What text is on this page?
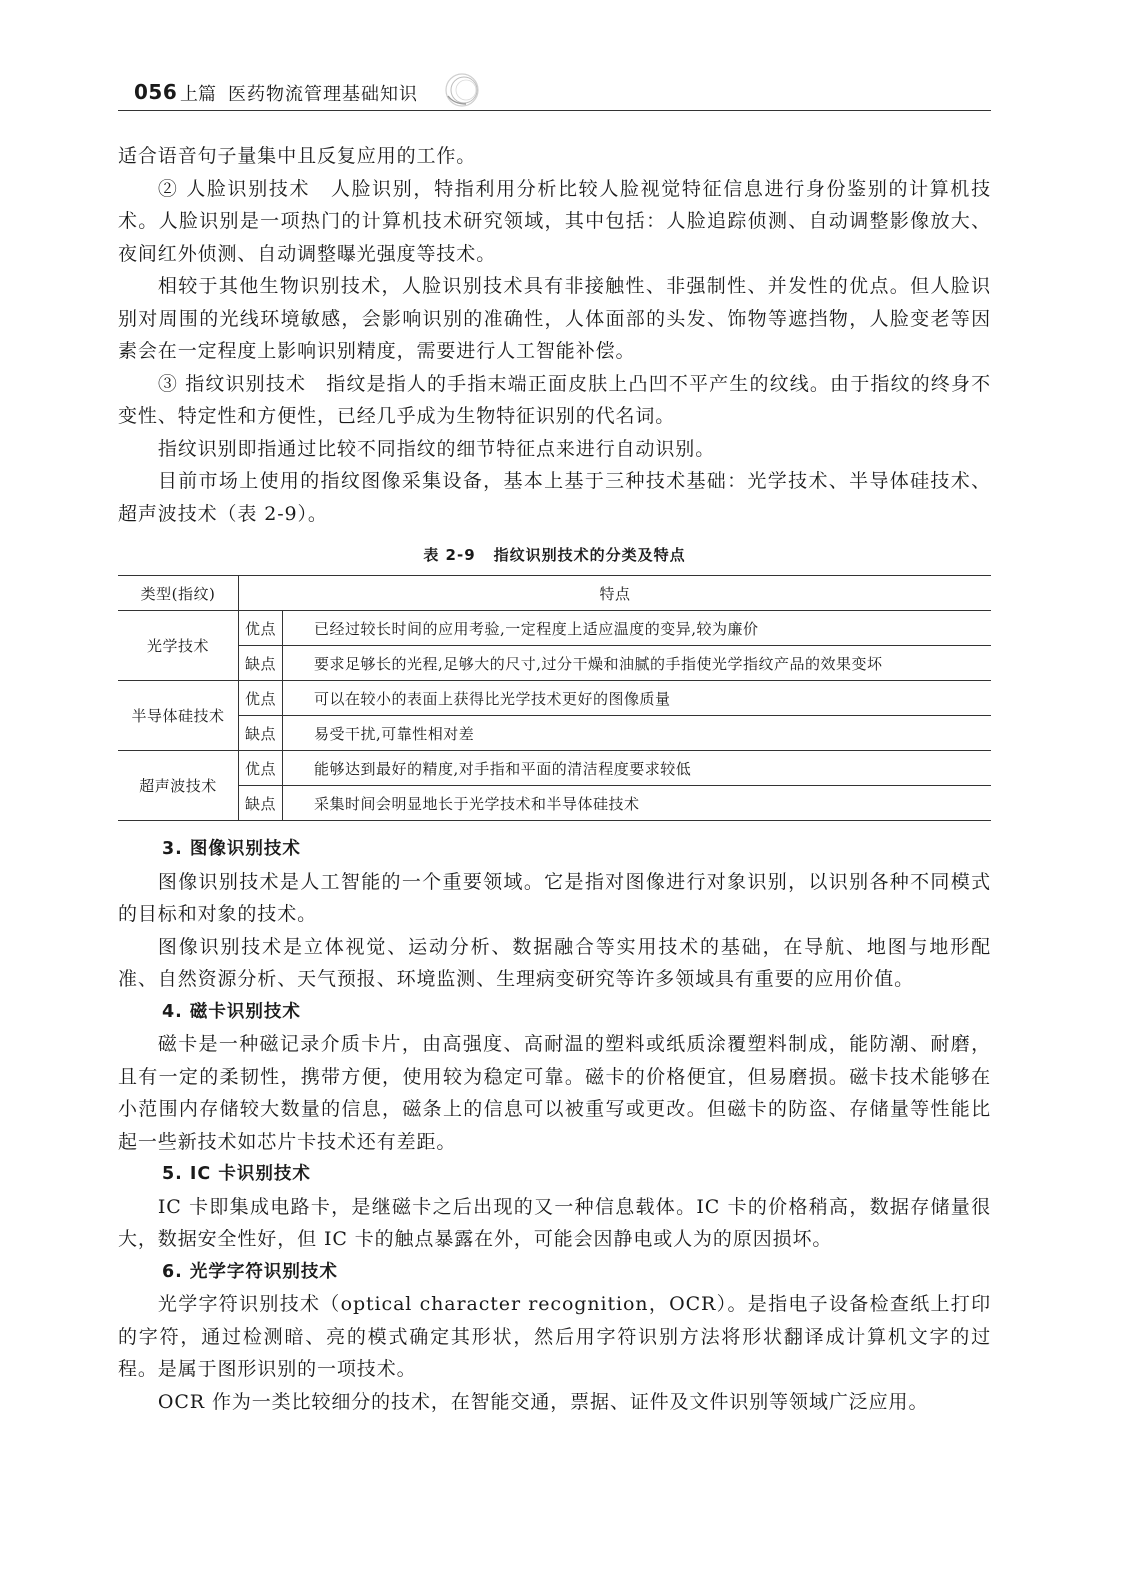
056 上篇 医药物流管理基础知识

适合语音句子量集中且反复应用的工作。

② 人脸识别技术　人脸识别，特指利用分析比较人脸视觉特征信息进行身份鉴别的计算机技术。人脸识别是一项热门的计算机技术研究领域，其中包括：人脸追踪侦测、自动调整影像放大、夜间红外侦测、自动调整曝光强度等技术。

相较于其他生物识别技术，人脸识别技术具有非接触性、非强制性、并发性的优点。但人脸识别对周围的光线环境敏感，会影响识别的准确性，人体面部的头发、饰物等遮挡物，人脸变老等因素会在一定程度上影响识别精度，需要进行人工智能补偿。

③ 指纹识别技术　指纹是指人的手指末端正面皮肤上凸凹不平产生的纹线。由于指纹的终身不变性、特定性和方便性，已经几乎成为生物特征识别的代名词。

指纹识别即指通过比较不同指纹的细节特征点来进行自动识别。

目前市场上使用的指纹图像采集设备，基本上基于三种技术基础：光学技术、半导体硅技术、超声波技术（表 2-9）。

表 2-9 指纹识别技术的分类及特点
类型(指纹)	特点	
光学技术	优点	已经过较长时间的应用考验,一定程度上适应温度的变异,较为廉价
	缺点	要求足够长的光程,足够大的尺寸,过分干燥和油腻的手指使光学指纹产品的效果变坏
半导体硅技术	优点	可以在较小的表面上获得比光学技术更好的图像质量
	缺点	易受干扰,可靠性相对差
超声波技术	优点	能够达到最好的精度,对手指和平面的清洁程度要求较低
	缺点	采集时间会明显地长于光学技术和半导体硅技术
3. 图像识别技术

图像识别技术是人工智能的一个重要领域。它是指对图像进行对象识别，以识别各种不同模式的目标和对象的技术。

图像识别技术是立体视觉、运动分析、数据融合等实用技术的基础，在导航、地图与地形配准、自然资源分析、天气预报、环境监测、生理病变研究等许多领域具有重要的应用价值。

4. 磁卡识别技术

磁卡是一种磁记录介质卡片，由高强度、高耐温的塑料或纸质涂覆塑料制成，能防潮、耐磨，且有一定的柔韧性，携带方便，使用较为稳定可靠。磁卡的价格便宜，但易磨损。磁卡技术能够在小范围内存储较大数量的信息，磁条上的信息可以被重写或更改。但磁卡的防盗、存储量等性能比起一些新技术如芯片卡技术还有差距。

5. IC 卡识别技术

IC 卡即集成电路卡，是继磁卡之后出现的又一种信息载体。IC 卡的价格稍高，数据存储量很大，数据安全性好，但 IC 卡的触点暴露在外，可能会因静电或人为的原因损坏。

6. 光学字符识别技术

光学字符识别技术（optical character recognition，OCR）。是指电子设备检查纸上打印的字符，通过检测暗、亮的模式确定其形状，然后用字符识别方法将形状翻译成计算机文字的过程。是属于图形识别的一项技术。

OCR 作为一类比较细分的技术，在智能交通，票据、证件及文件识别等领域广泛应用。
